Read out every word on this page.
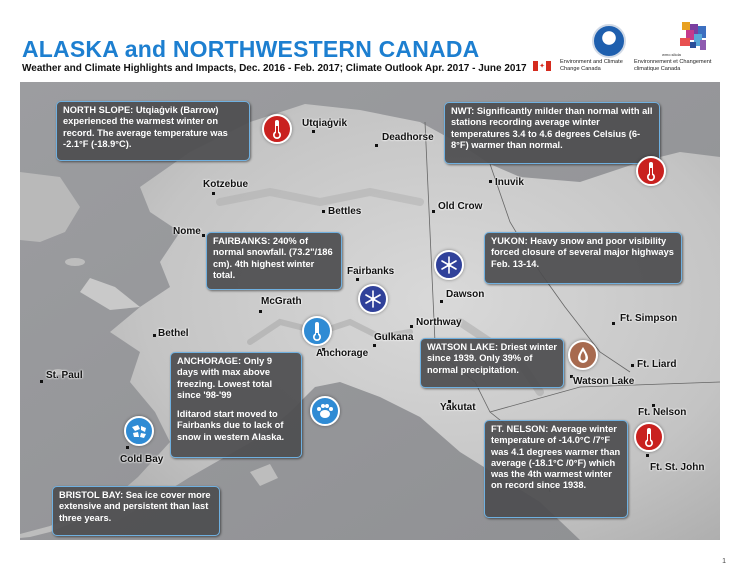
ALASKA and NORTHWESTERN CANADA
Weather and Climate Highlights and Impacts, Dec. 2016 - Feb. 2017; Climate Outlook Apr. 2017 - June 2017
wmo.slkda
✦
Environment and Climate Change Canada
Environnement et Changement climatique Canada
Utqiaġvik
Deadhorse
Kotzebue
Bettles
Nome
Inuvik
Old Crow
Fairbanks
McGrath
Dawson
Northway
Gulkana
Anchorage
Bethel
St. Paul
Ft. Simpson
Ft. Liard
Watson Lake
Yakutat	Ft. Nelson
Ft. St. John
Cold Bay

NORTH SLOPE: Utqiaġvik (Barrow) experienced the warmest winter on record. The average temperature was -2.1°F (-18.9°C).

NWT: Significantly milder than normal with all stations recording average winter temperatures 3.4 to 4.6 degrees Celsius (6-8°F) warmer than normal.

FAIRBANKS: 240% of normal snowfall. (73.2"/186 cm). 4th highest winter total.

YUKON: Heavy snow and poor visibility forced closure of several major highways Feb. 13-14.

ANCHORAGE: Only 9 days with max above freezing. Lowest total since '98-'99

Iditarod start moved to Fairbanks due to lack of snow in western Alaska.

WATSON LAKE: Driest winter since 1939. Only 39% of normal precipitation.

FT. NELSON: Average winter temperature of -14.0°C /7°F was 4.1 degrees warmer than average (-18.1°C /0°F) which was the 4th warmest winter on record since 1938.

BRISTOL BAY: Sea ice cover more extensive and persistent than last three years.

1
